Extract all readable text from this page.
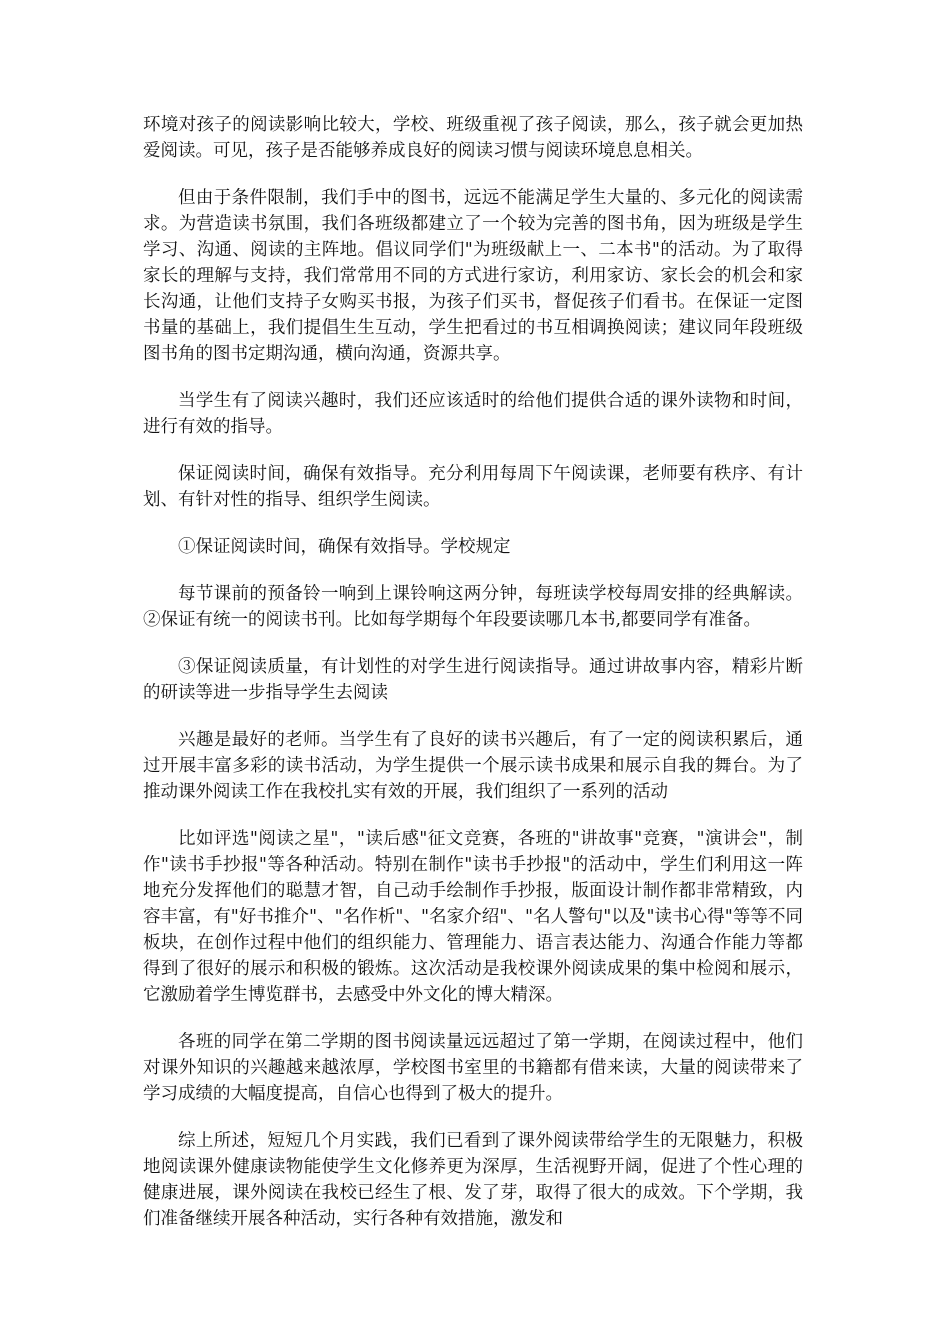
环境对孩子的阅读影响比较大，学校、班级重视了孩子阅读，那么，孩子就会更加热爱阅读。可见，孩子是否能够养成良好的阅读习惯与阅读环境息息相关。

但由于条件限制，我们手中的图书，远远不能满足学生大量的、多元化的阅读需求。为营造读书氛围，我们各班级都建立了一个较为完善的图书角，因为班级是学生学习、沟通、阅读的主阵地。倡议同学们"为班级献上一、二本书"的活动。为了取得家长的理解与支持，我们常常用不同的方式进行家访，利用家访、家长会的机会和家长沟通，让他们支持子女购买书报，为孩子们买书，督促孩子们看书。在保证一定图书量的基础上，我们提倡生生互动，学生把看过的书互相调换阅读；建议同年段班级图书角的图书定期沟通，横向沟通，资源共享。

当学生有了阅读兴趣时，我们还应该适时的给他们提供合适的课外读物和时间，进行有效的指导。

保证阅读时间，确保有效指导。充分利用每周下午阅读课，老师要有秩序、有计划、有针对性的指导、组织学生阅读。

①保证阅读时间，确保有效指导。学校规定

每节课前的预备铃一响到上课铃响这两分钟，每班读学校每周安排的经典解读。②保证有统一的阅读书刊。比如每学期每个年段要读哪几本书,都要同学有准备。

③保证阅读质量，有计划性的对学生进行阅读指导。通过讲故事内容，精彩片断的研读等进一步指导学生去阅读

兴趣是最好的老师。当学生有了良好的读书兴趣后，有了一定的阅读积累后，通过开展丰富多彩的读书活动，为学生提供一个展示读书成果和展示自我的舞台。为了推动课外阅读工作在我校扎实有效的开展，我们组织了一系列的活动

比如评选"阅读之星"，"读后感"征文竞赛，各班的"讲故事"竞赛，"演讲会"，制作"读书手抄报"等各种活动。特别在制作"读书手抄报"的活动中，学生们利用这一阵地充分发挥他们的聪慧才智，自己动手绘制作手抄报，版面设计制作都非常精致，内容丰富，有"好书推介"、"名作析"、"名家介绍"、"名人警句"以及"读书心得"等等不同板块，在创作过程中他们的组织能力、管理能力、语言表达能力、沟通合作能力等都得到了很好的展示和积极的锻炼。这次活动是我校课外阅读成果的集中检阅和展示，它激励着学生博览群书，去感受中外文化的博大精深。

各班的同学在第二学期的图书阅读量远远超过了第一学期，在阅读过程中，他们对课外知识的兴趣越来越浓厚，学校图书室里的书籍都有借来读，大量的阅读带来了学习成绩的大幅度提高，自信心也得到了极大的提升。

综上所述，短短几个月实践，我们已看到了课外阅读带给学生的无限魅力，积极地阅读课外健康读物能使学生文化修养更为深厚，生活视野开阔，促进了个性心理的健康进展，课外阅读在我校已经生了根、发了芽，取得了很大的成效。下个学期，我们准备继续开展各种活动，实行各种有效措施，激发和
